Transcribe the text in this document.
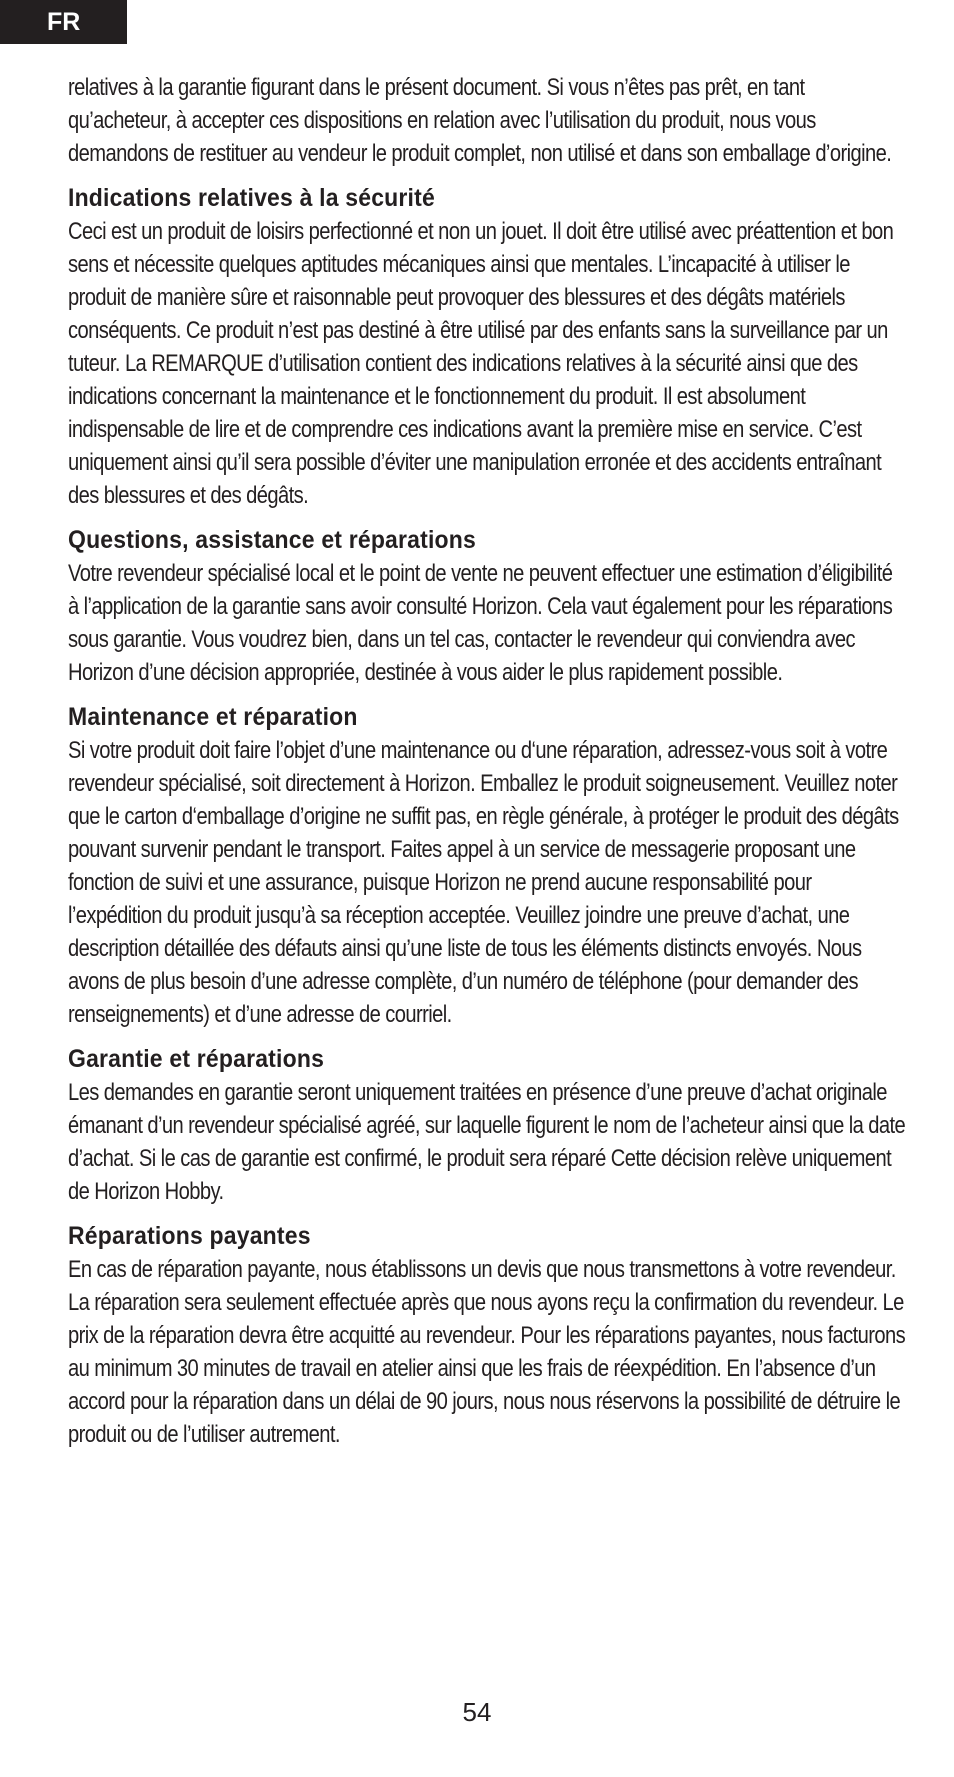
FR

relatives à la garantie figurant dans le présent document. Si vous n’êtes pas prêt, en tant qu’acheteur, à accepter ces dispositions en relation avec l’utilisation du produit, nous vous demandons de restituer au vendeur le produit complet, non utilisé et dans son emballage d’origine.

Indications relatives à la sécurité

Ceci est un produit de loisirs perfectionné et non un jouet. Il doit être utilisé avec préattention et bon sens et nécessite quelques aptitudes mécaniques ainsi que mentales. L’incapacité à utiliser le produit de manière sûre et raisonnable peut provoquer des blessures et des dégâts matériels conséquents. Ce produit n’est pas destiné à être utilisé par des enfants sans la surveillance par un tuteur. La REMARQUE d’utilisation contient des indications relatives à la sécurité ainsi que des indications concernant la maintenance et le fonctionnement du produit. Il est absolument indispensable de lire et de comprendre ces indications avant la première mise en service. C’est uniquement ainsi qu’il sera possible d’éviter une manipulation erronée et des accidents entraînant des blessures et des dégâts.

Questions, assistance et réparations

Votre revendeur spécialisé local et le point de vente ne peuvent effectuer une estimation d’éligibilité à l’application de la garantie sans avoir consulté Horizon. Cela vaut également pour les réparations sous garantie. Vous voudrez bien, dans un tel cas, contacter le revendeur qui conviendra avec Horizon d’une décision appropriée, destinée à vous aider le plus rapidement possible.

Maintenance et réparation

Si votre produit doit faire l’objet d’une maintenance ou d‘une réparation, adressez-vous soit à votre revendeur spécialisé, soit directement à Horizon. Emballez le produit soigneusement. Veuillez noter que le carton d‘emballage d’origine ne suffit pas, en règle générale, à protéger le produit des dégâts pouvant survenir pendant le transport. Faites appel à un service de messagerie proposant une fonction de suivi et une assurance, puisque Horizon ne prend aucune responsabilité pour l’expédition du produit jusqu’à sa réception acceptée. Veuillez joindre une preuve d’achat, une description détaillée des défauts ainsi qu’une liste de tous les éléments distincts envoyés. Nous avons de plus besoin d’une adresse complète, d’un numéro de téléphone (pour demander des renseignements) et d’une adresse de courriel.

Garantie et réparations

Les demandes en garantie seront uniquement traitées en présence d’une preuve d’achat originale émanant d’un revendeur spécialisé agréé, sur laquelle figurent le nom de l’acheteur ainsi que la date d’achat. Si le cas de garantie est confirmé, le produit sera réparé Cette décision relève uniquement de Horizon Hobby.

Réparations payantes

En cas de réparation payante, nous établissons un devis que nous transmettons à votre revendeur. La réparation sera seulement effectuée après que nous ayons reçu la confirmation du revendeur. Le prix de la réparation devra être acquitté au revendeur. Pour les réparations payantes, nous facturons au minimum 30 minutes de travail en atelier ainsi que les frais de réexpédition. En l’absence d’un accord pour la réparation dans un délai de 90 jours, nous nous réservons la possibilité de détruire le produit ou de l’utiliser autrement.

54
